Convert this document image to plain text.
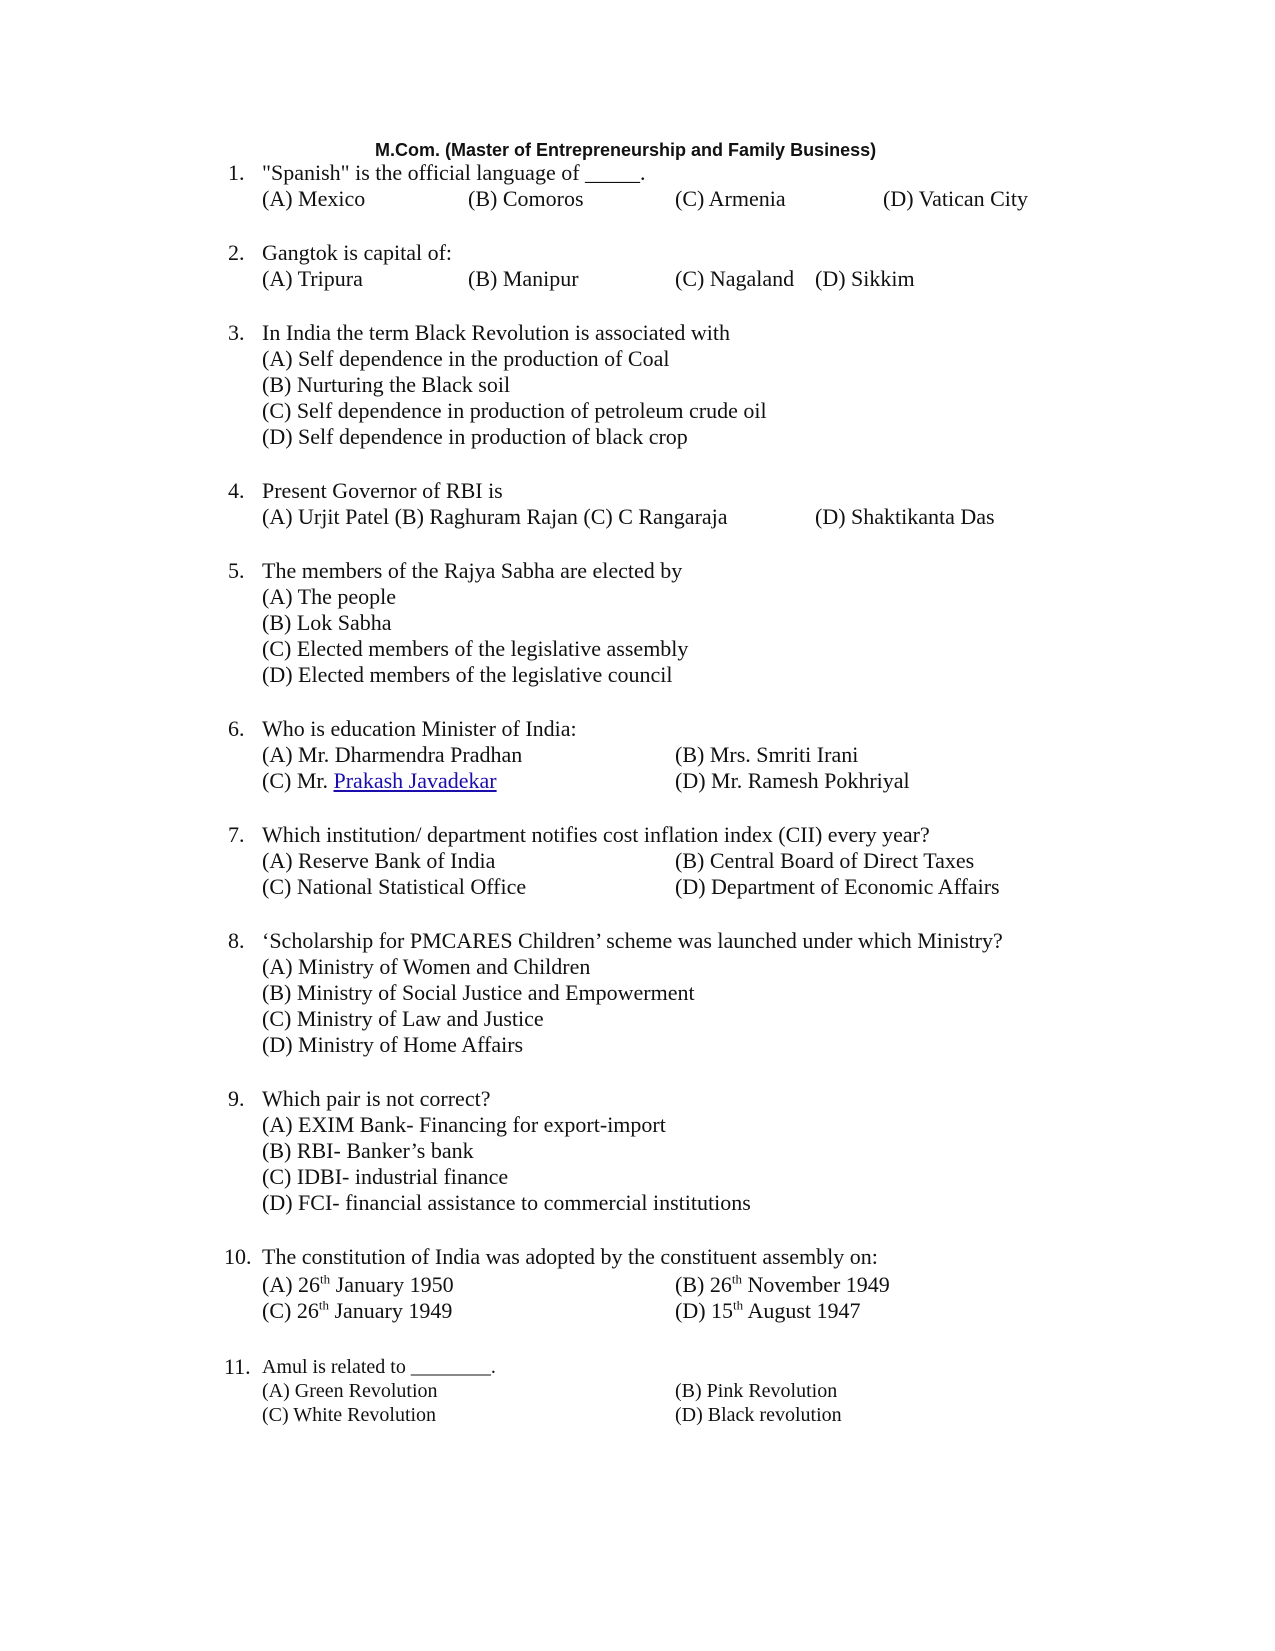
M.Com. (Master of Entrepreneurship and Family Business)
1. "Spanish" is the official language of _____.
(A) Mexico	(B) Comoros	(C) Armenia	(D) Vatican City
2. Gangtok is capital of:
(A) Tripura	(B) Manipur	(C) Nagaland (D) Sikkim
3. In India the term Black Revolution is associated with
(A) Self dependence in the production of Coal
(B) Nurturing the Black soil
(C) Self dependence in production of petroleum crude oil
(D) Self dependence in production of black crop
4. Present Governor of RBI is
(A) Urjit Patel (B) Raghuram Rajan (C) C Rangaraja	(D) Shaktikanta Das
5. The members of the Rajya Sabha are elected by
(A) The people
(B) Lok Sabha
(C) Elected members of the legislative assembly
(D) Elected members of the legislative council
6. Who is education Minister of India:
(A) Mr. Dharmendra Pradhan	(B) Mrs. Smriti Irani
(C) Mr. Prakash Javadekar	(D) Mr. Ramesh Pokhriyal
7. Which institution/ department notifies cost inflation index (CII) every year?
(A) Reserve Bank of India	(B) Central Board of Direct Taxes
(C) National Statistical Office	(D) Department of Economic Affairs
8. ‘Scholarship for PMCARES Children’ scheme was launched under which Ministry?
(A) Ministry of Women and Children
(B) Ministry of Social Justice and Empowerment
(C) Ministry of Law and Justice
(D) Ministry of Home Affairs
9. Which pair is not correct?
(A) EXIM Bank- Financing for export-import
(B) RBI- Banker’s bank
(C) IDBI- industrial finance
(D) FCI- financial assistance to commercial institutions
10. The constitution of India was adopted by the constituent assembly on:
(A) 26th January 1950	(B) 26th November 1949
(C) 26th January 1949	(D) 15th August 1947
11. Amul is related to ________.
(A) Green Revolution	(B) Pink Revolution
(C) White Revolution	(D) Black revolution
